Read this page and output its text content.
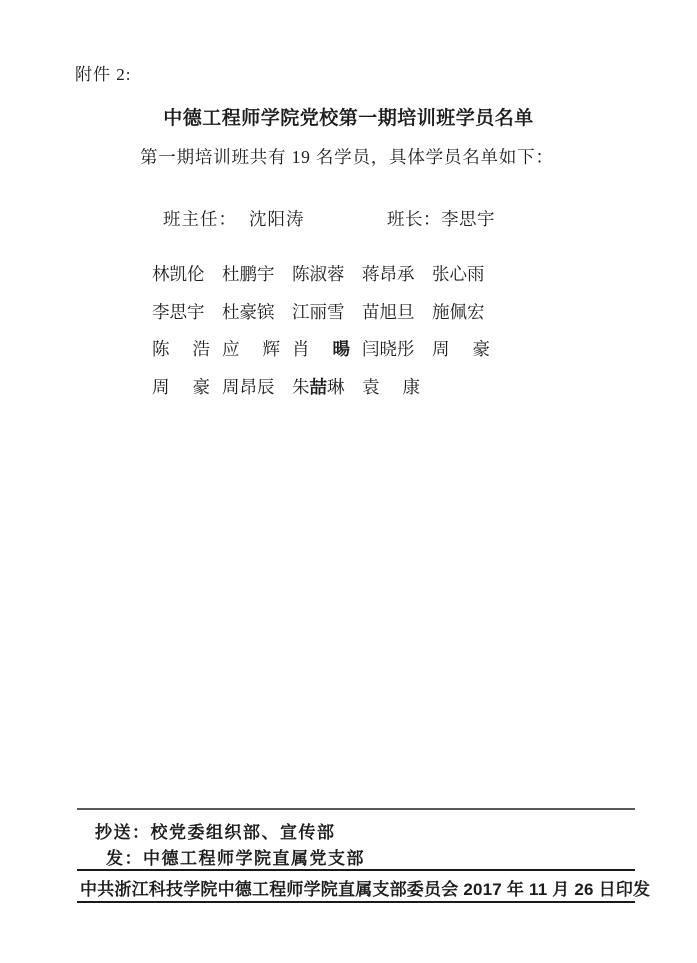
附件 2:
中德工程师学院党校第一期培训班学员名单

第一期培训班共有 19 名学员，具体学员名单如下：

班主任： 沈阳涛	班长：李思宇
林 凯 伦 杜 鹏 宇 陈 淑 蓉 蒋 昂 承 张 心 雨
李 思 宇 杜 豪 镔 江 丽 雪 苗 旭 旦 施 佩 宏
陈 浩 应 辉 肖 暘 闫 晓 彤 周 豪
周 豪 周 昂 辰 朱 喆 琳 袁 康
抄送：校党委组织部、宣传部
发：中德工程师学院直属党支部
中共浙江科技学院中德工程师学院直属支部委员会 2017 年 11 月 26 日印发
